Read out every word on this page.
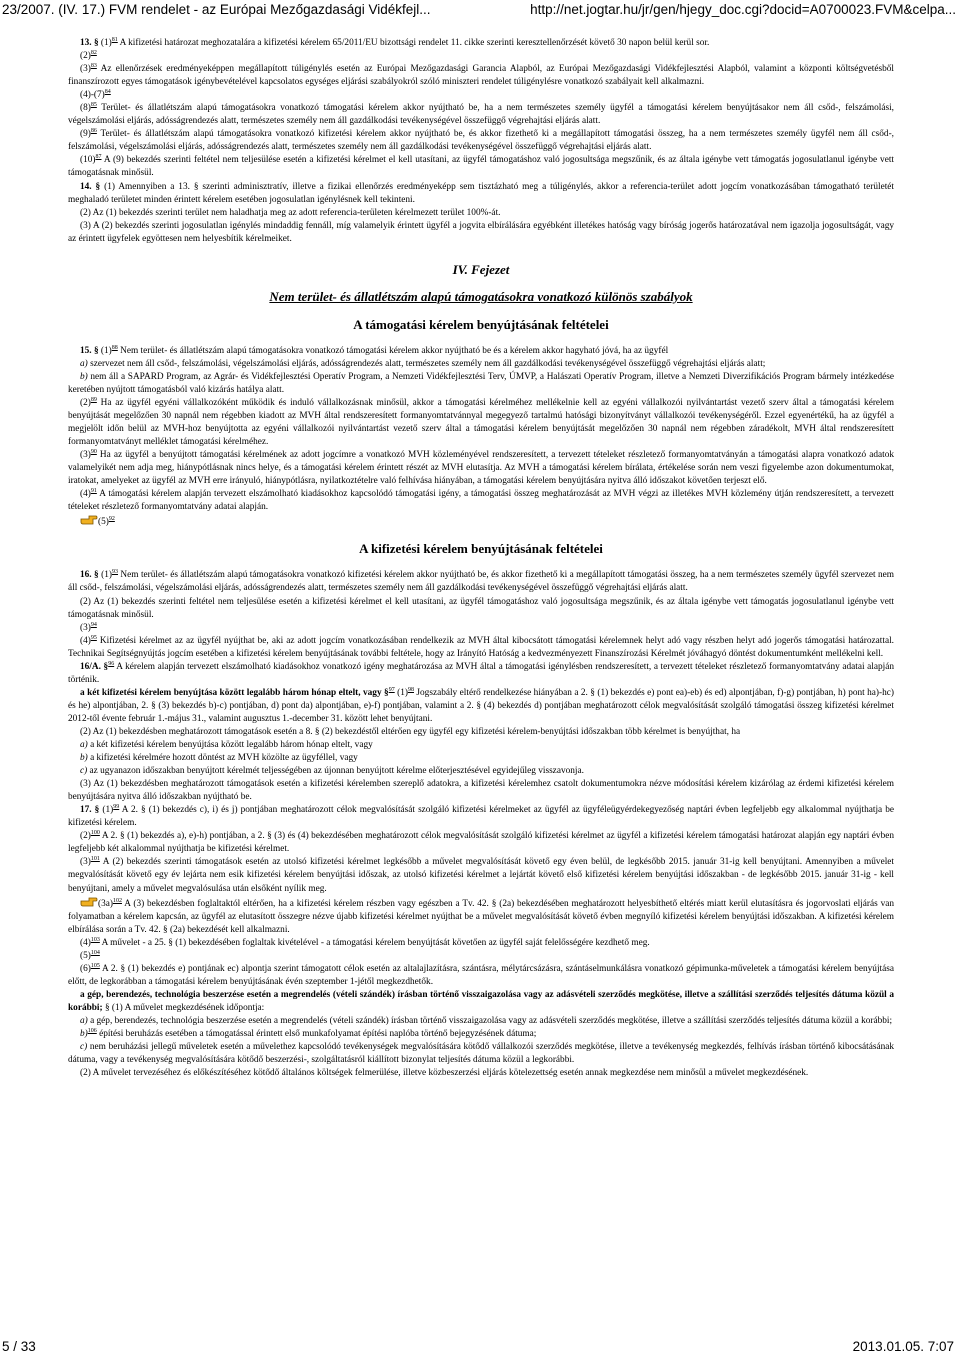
23/2007. (IV. 17.) FVM rendelet - az Európai Mezőgazdasági Vidékfejl...	http://net.jogtar.hu/jr/gen/hjegy_doc.cgi?docid=A0700023.FVM&celpa...

13. § $(1)^{81}$ A kifizetési határozat meghozatalára a kifizetési kérelem 65/2011/EU bizottsági rendelet 11. cikke szerinti keresztellenőrzését követő 30 napon belül kerül sor.

$(2)^{82}$

$(3)^{83}$ Az ellenőrzések eredményeképpen megállapított túligénylés esetén az Európai Mezőgazdasági Garancia Alapból, az Európai Mezőgazdasági Vidékfejlesztési Alapból, valamint a központi költségvetésből finanszírozott egyes támogatások igénybevételével kapcsolatos egységes eljárási szabályokról szóló miniszteri rendelet túligénylésre vonatkozó szabályait kell alkalmazni.

$(4)-(7)^{84}$

$(8)^{85}$ Terület- és állatlétszám alapú támogatásokra vonatkozó támogatási kérelem akkor nyújtható be, ha a nem természetes személy ügyfél a támogatási kérelem benyújtásakor nem áll csőd-, felszámolási, végelszámolási eljárás, adósságrendezés alatt, természetes személy nem áll gazdálkodási tevékenységével összefüggő végrehajtási eljárás alatt.

$(9)^{86}$ Terület- és állatlétszám alapú támogatásokra vonatkozó kifizetési kérelem akkor nyújtható be, és akkor fizethető ki a megállapított támogatási összeg, ha a nem természetes személy ügyfél nem áll csőd-, felszámolási, végelszámolási eljárás, adósságrendezés alatt, természetes személy nem áll gazdálkodási tevékenységével összefüggő végrehajtási eljárás alatt.

$(10)^{87}$ A (9) bekezdés szerinti feltétel nem teljesülése esetén a kifizetési kérelmet el kell utasítani, az ügyfél támogatáshoz való jogosultsága megszűnik, és az általa igénybe vett támogatás jogosulatlanul igénybe vett támogatásnak minősül.

14. § (1) Amennyiben a 13. § szerinti adminisztratív, illetve a fizikai ellenőrzés eredményeképp sem tisztázható meg a túligénylés, akkor a referencia-terület adott jogcím vonatkozásában támogatható területét meghaladó területet minden érintett kérelem esetében jogosulatlan igénylésnek kell tekinteni.

(2) Az (1) bekezdés szerinti terület nem haladhatja meg az adott referencia-területen kérelmezett terület 100%-át.

(3) A (2) bekezdés szerinti jogosulatlan igénylés mindaddig fennáll, míg valamelyik érintett ügyfél a jogvita elbírálására egyébként illetékes hatóság vagy bíróság jogerős határozatával nem igazolja jogosultságát, vagy az érintett ügyfelek egyöttesen nem helyesbítik kérelmeiket.

IV. Fejezet
Nem terület- és állatlétszám alapú támogatásokra vonatkozó különös szabályok
A támogatási kérelem benyújtásának feltételei

15. § $(1)^{88}$ Nem terület- és állatlétszám alapú támogatásokra vonatkozó támogatási kérelem akkor nyújtható be és a kérelem akkor hagyható jóvá, ha az ügyfél

a) szervezet nem áll csőd-, felszámolási, végelszámolási eljárás, adósságrendezés alatt, természetes személy nem áll gazdálkodási tevékenységével összefüggő végrehajtási eljárás alatt;

b) nem áll a SAPARD Program, az Agrár- és Vidékfejlesztési Operatív Program, a Nemzeti Vidékfejlesztési Terv, ÚMVP, a Halászati Operatív Program, illetve a Nemzeti Diverzifikációs Program bármely intézkedése keretében nyújtott támogatásból való kizárás hatálya alatt.

$(2)^{89}$ Ha az ügyfél egyéni vállalkozóként működik és induló vállalkozásnak minősül, akkor a támogatási kérelméhez mellékelnie kell az egyéni vállalkozói nyilvántartást vezető szerv által a támogatási kérelem benyújtását megelőzően 30 napnál nem régebben kiadott az MVH által rendszeresített formanyomtatvánnyal megegyező tartalmú hatósági bizonyítványt vállalkozói tevékenységéről. Ezzel egyenértékű, ha az ügyfél a megjelölt időn belül az MVH-hoz benyújtotta az egyéni vállalkozói nyilvántartást vezető szerv által a támogatási kérelem benyújtását megelőzően 30 napnál nem régebben záradékolt, MVH által rendszeresített formanyomtatványt melléklet támogatási kérelméhez.

$(3)^{90}$ Ha az ügyfél a benyújtott támogatási kérelmének az adott jogcímre a vonatkozó MVH közleményével rendszeresített, a tervezett tételeket részletező formanyomtatványán a támogatási alapra vonatkozó adatok valamelyikét nem adja meg, hiánypótlásnak nincs helye, és a támogatási kérelem érintett részét az MVH elutasítja. Az MVH a támogatási kérelem bírálata, értékelése során nem veszi figyelembe azon dokumentumokat, iratokat, amelyeket az ügyfél az MVH erre irányuló, hiánypótlásra, nyilatkoztételre való felhívása hiányában, a támogatási kérelem benyújtására nyitva álló időszakot követően terjeszt elő.

$(4)^{91}$ A támogatási kérelem alapján tervezett elszámolható kiadásokhoz kapcsolódó támogatási igény, a támogatási összeg meghatározását az MVH végzi az illetékes MVH közlemény útján rendszeresített, a tervezett tételeket részletező formanyomtatvány adatai alapján.

$(5)^{92}$

A kifizetési kérelem benyújtásának feltételei

16. § $(1)^{93}$ Nem terület- és állatlétszám alapú támogatásokra vonatkozó kifizetési kérelem akkor nyújtható be, és akkor fizethető ki a megállapított támogatási összeg, ha a nem természetes személy ügyfél szervezet nem áll csőd-, felszámolási, végelszámolási eljárás, adósságrendezés alatt, természetes személy nem áll gazdálkodási tevékenységével összefüggő végrehajtási eljárás alatt.

(2) Az (1) bekezdés szerinti feltétel nem teljesülése esetén a kifizetési kérelmet el kell utasítani, az ügyfél támogatáshoz való jogosultsága megszűnik, és az általa igénybe vett támogatás jogosulatlanul igénybe vett támogatásnak minősül.

$(3)^{94}$

$(4)^{95}$ Kifizetési kérelmet az az ügyfél nyújthat be, aki az adott jogcím vonatkozásában rendelkezik az MVH által kibocsátott támogatási kérelemnek helyt adó vagy részben helyt adó jogerős támogatási határozattal. Technikai Segítségnyújtás jogcím esetében a kifizetési kérelem benyújtásának további feltétele, hogy az Irányító Hatóság a kedvezményezett Finanszírozási Kérelmét jóváhagyó döntést dokumentumként mellékelni kell.

16/A. §$^{96}$ A kérelem alapján tervezett elszámolható kiadásokhoz vonatkozó igény meghatározása az MVH által a támogatási igénylésben rendszeresített, a tervezett tételeket részletező formanyomtatvány adatai alapján történik.

a két kifizetési kérelem benyújtása között legalább három hónap eltelt, vagy §$^{97}$ $(1)^{98}$ Jogszabály eltérő rendelkezése hiányában a 2. § (1) bekezdés e) pont ea)-eb) és ed) alpontjában, f)-g) pontjában, h) pont ha)-hc) és he) alpontjában, 2. § (3) bekezdés b)-c) pontjában, d) pont da) alpontjában, e)-f) pontjában, valamint a 2. § (4) bekezdés d) pontjában meghatározott célok megvalósítását szolgáló támogatási összeg kifizetési kérelmet 2012-től évente február 1.-május 31., valamint augusztus 1.-december 31. között lehet benyújtani.

(2) Az (1) bekezdésben meghatározott támogatások esetén a 8. § (2) bekezdéstől eltérően egy ügyfél egy kifizetési kérelem-benyújtási időszakban több kérelmet is benyújthat, ha

a) a két kifizetési kérelem benyújtása között legalább három hónap eltelt, vagy

b) a kifizetési kérelmére hozott döntést az MVH közölte az ügyféllel, vagy

c) az ugyanazon időszakban benyújtott kérelmét teljességében az újonnan benyújtott kérelme előterjesztésével egyidejűleg visszavonja.

(3) Az (1) bekezdésben meghatározott támogatások esetén a kifizetési kérelemben szereplő adatokra, a kifizetési kérelemhez csatolt dokumentumokra nézve módosítási kérelem kizárólag az érdemi kifizetési kérelem benyújtására nyitva álló időszakban nyújtható be.

17. § $(1)^{99}$ A 2. § (1) bekezdés c), i) és j) pontjában meghatározott célok megvalósítását szolgáló kifizetési kérelmeket az ügyfél az ügyféleügyérdekegyezőség naptári évben legfeljebb egy alkalommal nyújthatja be kifizetési kérelem.

$(2)^{100}$ A 2. § (1) bekezdés a), e)-h) pontjában, a 2. § (3) és (4) bekezdésében meghatározott célok megvalósítását szolgáló kifizetési kérelmet az ügyfél a kifizetési kérelem támogatási határozat alapján egy naptári évben legfeljebb két alkalommal nyújthatja be kifizetési kérelmet.

$(3)^{101}$ A (2) bekezdés szerinti támogatások esetén az utolsó kifizetési kérelmet legkésőbb a művelet megvalósítását követő egy éven belül, de legkésőbb 2015. január 31-ig kell benyújtani. Amennyiben a művelet megvalósítását követő egy év lejárta nem esik kifizetési kérelem benyújtási időszak, az utolsó kifizetési kérelmet a lejártát követő első kifizetési kérelem benyújtási időszakban - de legkésőbb 2015. január 31-ig - kell benyújtani, amely a művelet megvalósulása után elsőként nyílik meg.

$(3a)^{102}$ A (3) bekezdésben foglaltaktól eltérően, ha a kifizetési kérelem részben vagy egészben a Tv. 42. § (2a) bekezdésében meghatározott helyesbíthető eltérés miatt kerül elutasításra és jogorvoslati eljárás van folyamatban a kérelem kapcsán, az ügyfél az elutasított összegre nézve újabb kifizetési kérelmet nyújthat be a művelet megvalósítását követő évben megnyíló kifizetési kérelem benyújtási időszakban. A kifizetési kérelem elbírálása során a Tv. 42. § (2a) bekezdését kell alkalmazni.

$(4)^{103}$ A művelet - a 25. § (1) bekezdésében foglaltak kivételével - a támogatási kérelem benyújtását követően az ügyfél saját felelősségére kezdhető meg.

$(5)^{104}$

$(6)^{105}$ A 2. § (1) bekezdés e) pontjának ec) alpontja szerint támogatott célok esetén az altalajlazításra, szántásra, mélytárcsázásra, szántáselmunkálásra vonatkozó gépimunka-műveletek a támogatási kérelem benyújtása előtt, de legkorábban a támogatási kérelem benyújtásának évén szeptember 1-jétől megkezdhetők.

a gép, berendezés, technológia beszerzése esetén a megrendelés (vételi szándék) írásban történő visszaigazolása vagy az adásvételi szerződés megkötése, illetve a szállítási szerződés teljesítés dátuma közül a korábbi; § (1) A művelet megkezdésének időpontja:

a) a gép, berendezés, technológia beszerzése esetén a megrendelés (vételi szándék) írásban történő visszaigazolása vagy az adásvételi szerződés megkötése, illetve a szállítási szerződés teljesítés dátuma közül a korábbi;

b)$^{106}$ építési beruházás esetében a támogatással érintett első munkafolyamat építési naplóba történő bejegyzésének dátuma;

c) nem beruházási jellegű műveletek esetén a művelethez kapcsolódó tevékenységek megvalósítására kötődő vállalkozói szerződés megkötése, illetve a tevékenység megkezdés, felhívás írásban történő kibocsátásának dátuma, vagy a tevékenység megvalósítására kötődő beszerzési-, szolgáltatásról kiállított bizonylat teljesítés dátuma közül a legkorábbi.

(2) A művelet tervezéséhez és előkészítéséhez kötődő általános költségek felmerülése, illetve közbeszerzési eljárás kötelezettség esetén annak megkezdése nem minősül a művelet megkezdésének.

5 / 33	2013.01.05. 7:07
